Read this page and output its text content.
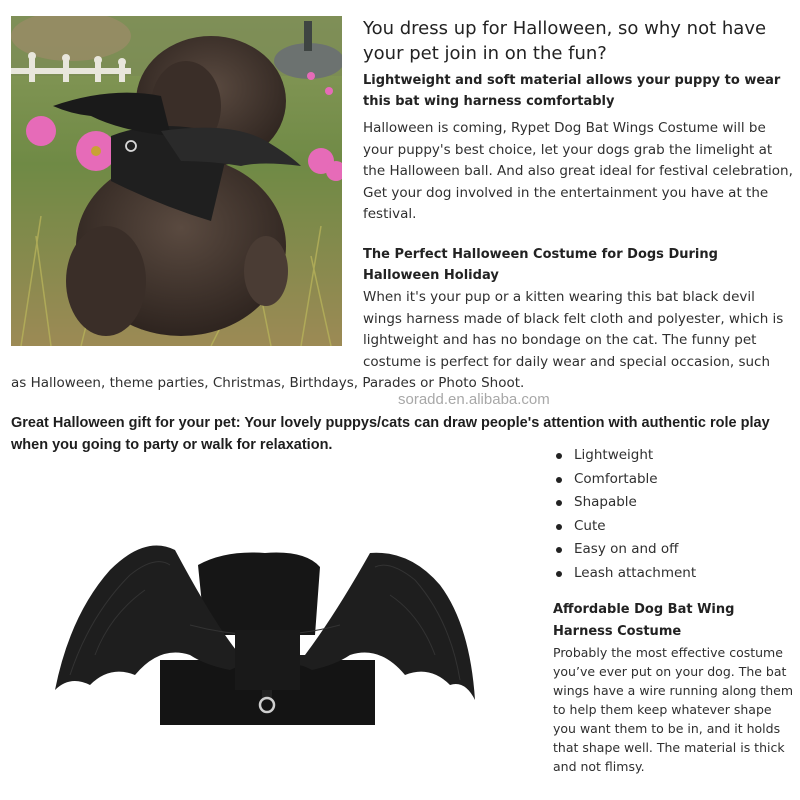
You dress up for Halloween, so why not have your pet join in on the fun?
Lightweight and soft material allows your puppy to wear this bat wing harness comfortably

Halloween is coming, Rypet Dog Bat Wings Costume will be your puppy's best choice, let your dogs grab the limelight at the Halloween ball. And also great ideal for festival celebration, Get your dog involved in the entertainment you have at the festival.

The Perfect Halloween Costume for Dogs During Halloween Holiday

When it's your pup or a kitten wearing this bat black devil wings harness made of black felt cloth and polyester, which is lightweight and has no bondage on the cat. The funny pet costume is perfect for daily wear and special occasion, such

as Halloween, theme parties, Christmas, Birthdays, Parades or Photo Shoot.

soradd.en.alibaba.com
Great Halloween gift for your pet: Your lovely puppys/cats can draw people's attention with authentic role play when you going to party or walk for relaxation.
Lightweight
Comfortable
Shapable
Cute
Easy on and off
Leash attachment
Affordable Dog Bat Wing Harness Costume

Probably the most effective costume you’ve ever put on your dog. The bat wings have a wire running along them to help them keep whatever shape you want them to be in, and it holds that shape well. The material is thick and not flimsy.
